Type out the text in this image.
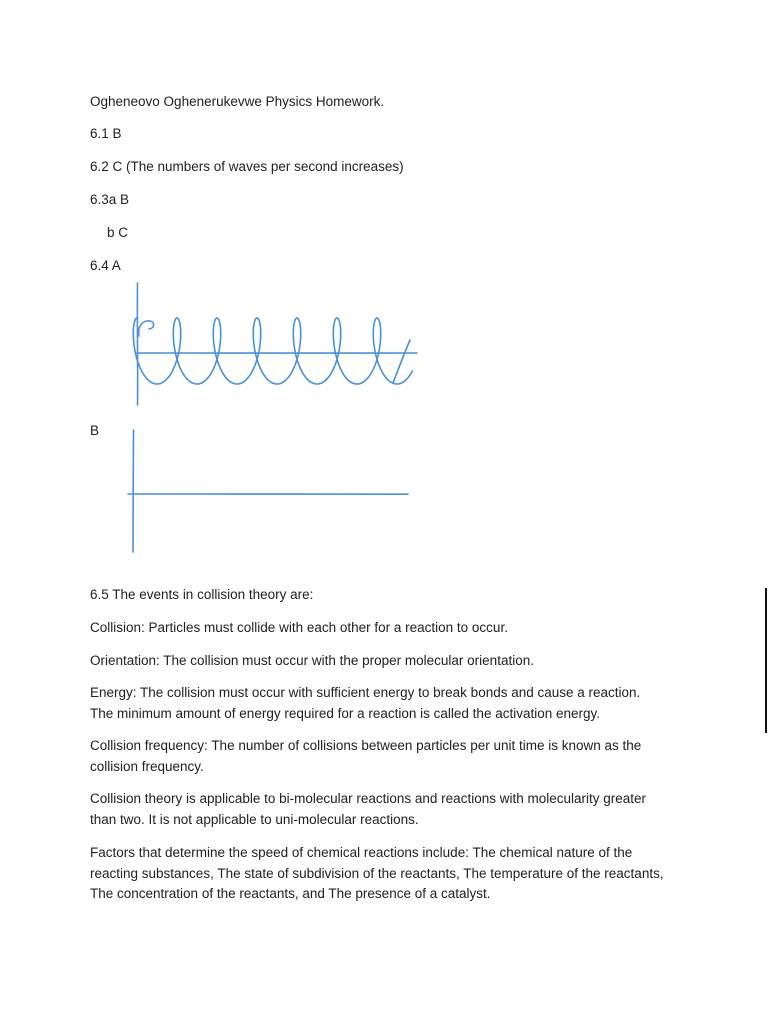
Ogheneovo Oghenerukevwe Physics Homework.

6.1 B

6.2 C (The numbers of waves per second increases)

6.3a B

b C

6.4 A

B

6.5 The events in collision theory are:

Collision: Particles must collide with each other for a reaction to occur.
Orientation: The collision must occur with the proper molecular orientation.
Energy: The collision must occur with sufficient energy to break bonds and cause a reaction.
The minimum amount of energy required for a reaction is called the activation energy.
Collision frequency: The number of collisions between particles per unit time is known as the
collision frequency.
Collision theory is applicable to bi-molecular reactions and reactions with molecularity greater
than two. It is not applicable to uni-molecular reactions.
Factors that determine the speed of chemical reactions include: The chemical nature of the
reacting substances, The state of subdivision of the reactants, The temperature of the reactants,
The concentration of the reactants, and The presence of a catalyst.
